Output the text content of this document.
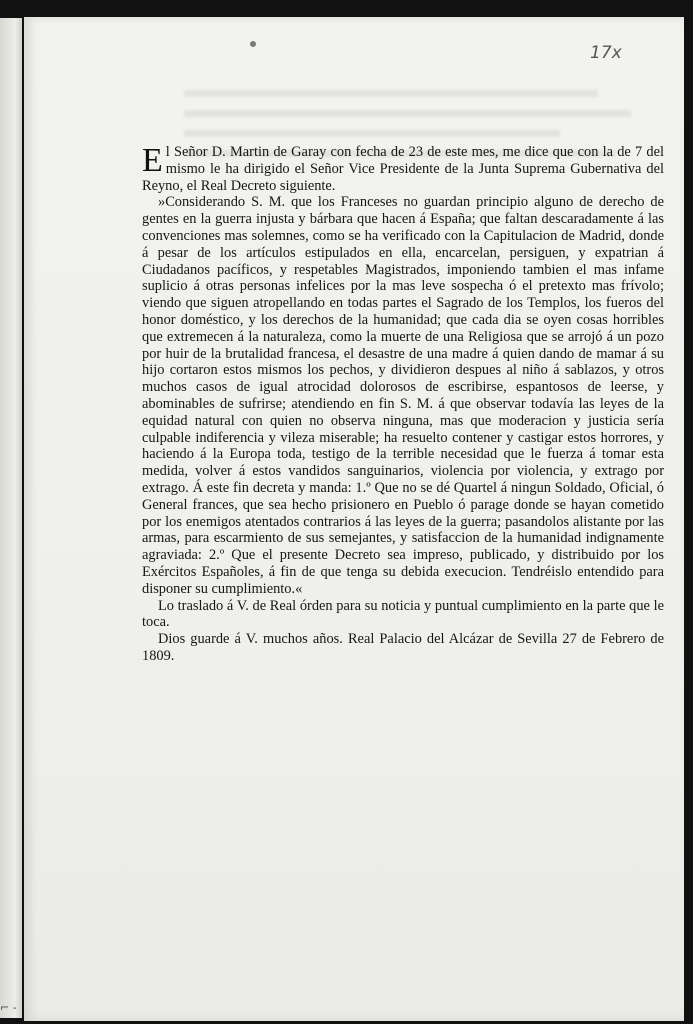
17x

El Señor D. Martin de Garay con fecha de 23 de este mes, me dice que con la de 7 del mismo le ha dirigido el Señor Vice Presidente de la Junta Suprema Gubernativa del Reyno, el Real Decreto siguiente.

»Considerando S. M. que los Franceses no guardan principio alguno de derecho de gentes en la guerra injusta y bárbara que hacen á España; que faltan descaradamente á las convenciones mas solemnes, como se ha verificado con la Capitulacion de Madrid, donde á pesar de los artículos estipulados en ella, encarcelan, persiguen, y expatrian á Ciudadanos pacíficos, y respetables Magistrados, imponiendo tambien el mas infame suplicio á otras personas infelices por la mas leve sospecha ó el pretexto mas frívolo; viendo que siguen atropellando en todas partes el Sagrado de los Templos, los fueros del honor doméstico, y los derechos de la humanidad; que cada dia se oyen cosas horribles que extremecen á la naturaleza, como la muerte de una Religiosa que se arrojó á un pozo por huir de la brutalidad francesa, el desastre de una madre á quien dando de mamar á su hijo cortaron estos mismos los pechos, y dividieron despues al niño á sablazos, y otros muchos casos de igual atrocidad dolorosos de escribirse, espantosos de leerse, y abominables de sufrirse; atendiendo en fin S. M. á que observar todavía las leyes de la equidad natural con quien no observa ninguna, mas que moderacion y justicia sería culpable indiferencia y vileza miserable; ha resuelto contener y castigar estos horrores, y haciendo á la Europa toda, testigo de la terrible necesidad que le fuerza á tomar esta medida, volver á estos vandidos sanguinarios, violencia por violencia, y extrago por extrago. Á este fin decreta y manda: 1.º Que no se dé Quartel á ningun Soldado, Oficial, ó General frances, que sea hecho prisionero en Pueblo ó parage donde se hayan cometido por los enemigos atentados contrarios á las leyes de la guerra; pasandolos alistante por las armas, para escarmiento de sus semejantes, y satisfaccion de la humanidad indignamente agraviada: 2.º Que el presente Decreto sea impreso, publicado, y distribuido por los Exércitos Españoles, á fin de que tenga su debida execucion. Tendréislo entendido para disponer su cumplimiento.«

Lo traslado á V. de Real órden para su noticia y puntual cumplimiento en la parte que le toca.

Dios guarde á V. muchos años. Real Palacio del Alcázar de Sevilla 27 de Febrero de 1809.

⌐ -
